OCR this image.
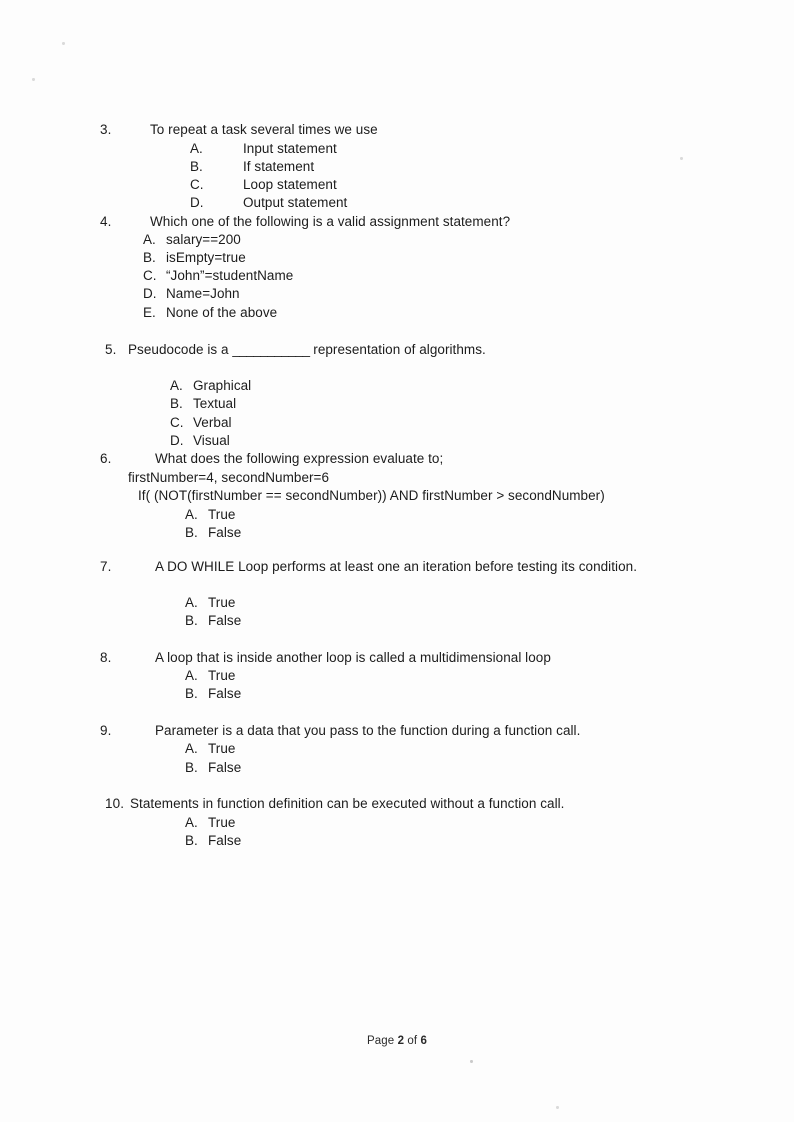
3.	To repeat a task several times we use
A.	Input statement
B.	If statement
C.	Loop statement
D.	Output statement
4.	Which one of the following is a valid assignment statement?
A. salary==200
B. isEmpty=true
C. “John”=studentName
D. Name=John
E. None of the above
5. Pseudocode is a ___________ representation of algorithms.
A. Graphical
B. Textual
C. Verbal
D. Visual
6.	What does the following expression evaluate to;
firstNumber=4, secondNumber=6
If( (NOT(firstNumber == secondNumber)) AND firstNumber > secondNumber)
A. True
B. False
7.	A DO WHILE Loop performs at least one an iteration before testing its condition.
A. True
B. False
8.	A loop that is inside another loop is called a multidimensional loop
A. True
B. False
9.	Parameter is a data that you pass to the function during a function call.
A. True
B. False
10. Statements in function definition can be executed without a function call.
A. True
B. False
Page 2 of 6
